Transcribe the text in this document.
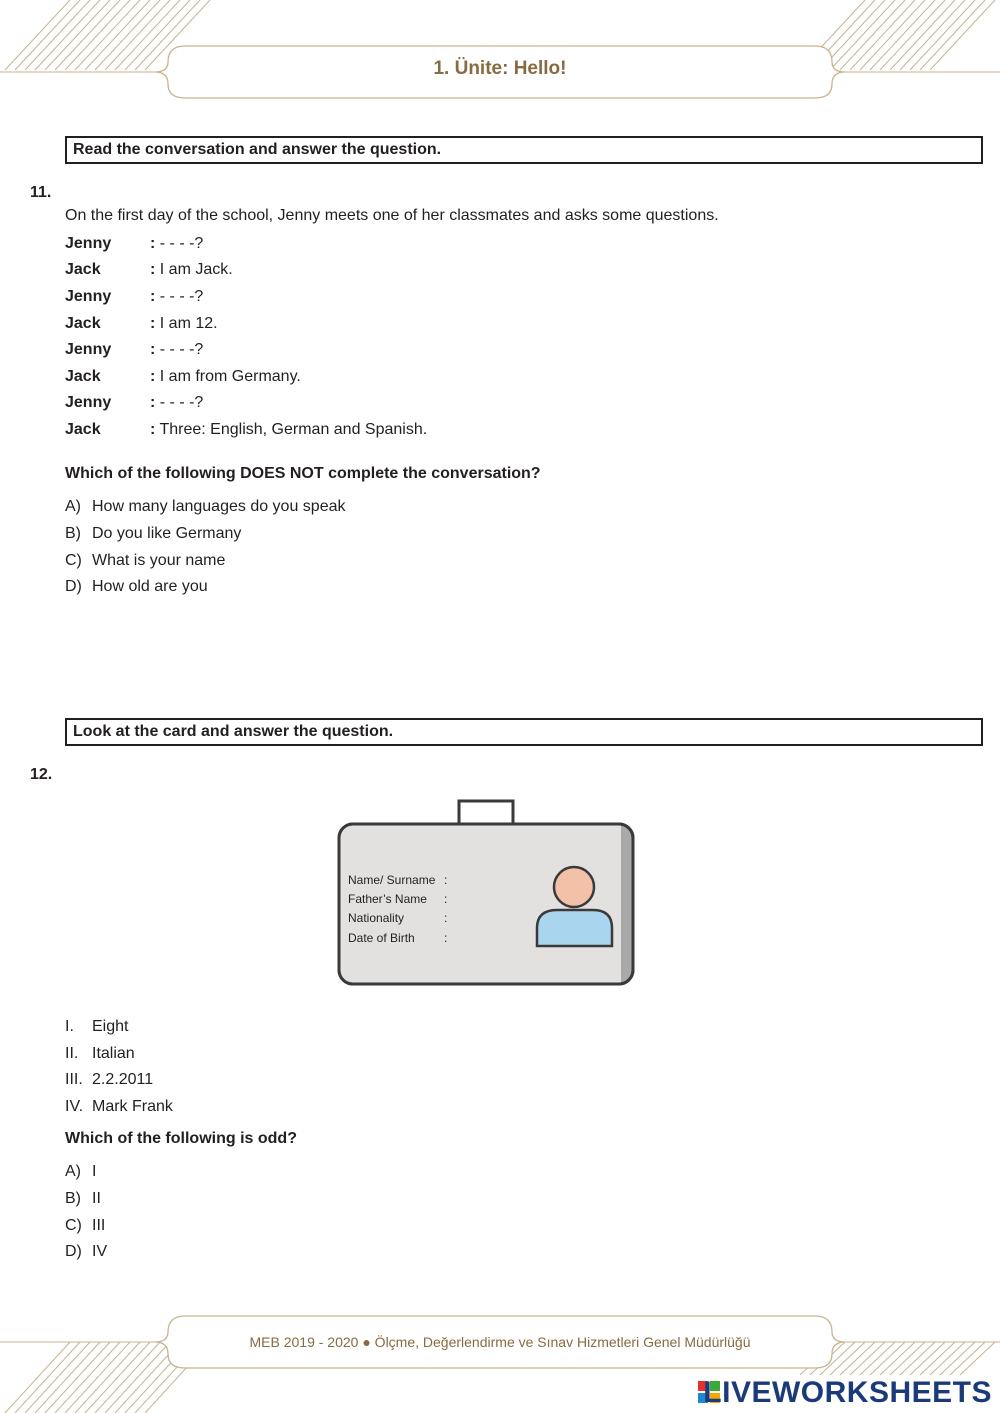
1. Ünite: Hello!
Read the conversation and answer the question.
11.
On the first day of the school, Jenny meets one of her classmates and asks some questions.
Jenny : - - - -?
Jack	: I am Jack.
Jenny : - - - -?
Jack	: I am 12.
Jenny : - - - -?
Jack	: I am from Germany.
Jenny : - - - -?
Jack	: Three: English, German and Spanish.
Which of the following DOES NOT complete the conversation?
A) How many languages do you speak
B) Do you like Germany
C) What is your name
D) How old are you
Look at the card and answer the question.
12.
Name/ Surname :
Father’s Name :
Nationality	:
Date of Birth :
I. Eight
II. Italian
III. 2.2.2011
IV. Mark Frank
Which of the following is odd?
A) I
B) II
C) III
D) IV
MEB 2019 - 2020 ● Ölçme, Değerlendirme ve Sınav Hizmetleri Genel Müdürlüğü
LIVEWORKSHEETS
